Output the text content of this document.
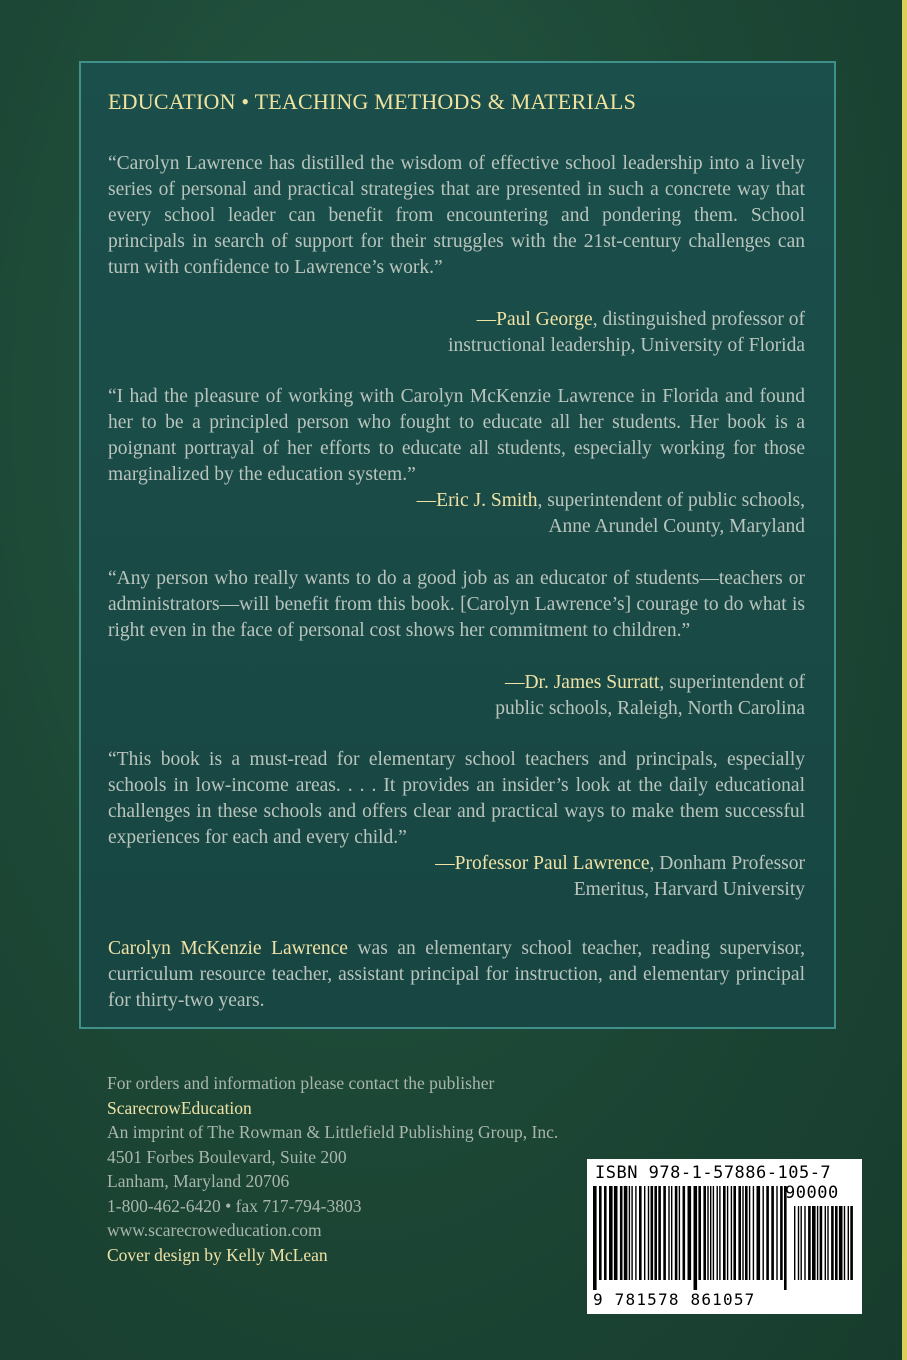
EDUCATION • TEACHING METHODS & MATERIALS

“Carolyn Lawrence has distilled the wisdom of effective school leadership into a lively series of personal and practical strategies that are presented in such a concrete way that every school leader can benefit from encountering and pondering them. School principals in search of support for their struggles with the 21st-century challenges can turn with confidence to Lawrence’s work.”

—Paul George, distinguished professor of
instructional leadership, University of Florida

“I had the pleasure of working with Carolyn McKenzie Lawrence in Florida and found her to be a principled person who fought to educate all her students. Her book is a poignant portrayal of her efforts to educate all students, especially working for those marginalized by the education system.”

—Eric J. Smith, superintendent of public schools,
Anne Arundel County, Maryland

“Any person who really wants to do a good job as an educator of students—teachers or administrators—will benefit from this book. [Carolyn Lawrence’s] courage to do what is right even in the face of personal cost shows her commitment to children.”

—Dr. James Surratt, superintendent of
public schools, Raleigh, North Carolina

“This book is a must-read for elementary school teachers and principals, especially schools in low-income areas. . . . It provides an insider’s look at the daily educational challenges in these schools and offers clear and practical ways to make them successful experiences for each and every child.”

—Professor Paul Lawrence, Donham Professor
Emeritus, Harvard University
Carolyn McKenzie Lawrence was an elementary school teacher, reading supervisor, curriculum resource teacher, assistant principal for instruction, and elementary principal for thirty-two years.
For orders and information please contact the publisher
ScarecrowEducation
An imprint of The Rowman & Littlefield Publishing Group, Inc.
4501 Forbes Boulevard, Suite 200
Lanham, Maryland 20706
1-800-462-6420 • fax 717-794-3803
www.scarecroweducation.com
Cover design by Kelly McLean
ISBN 978-1-57886-105-7
90000
9 781578 861057
